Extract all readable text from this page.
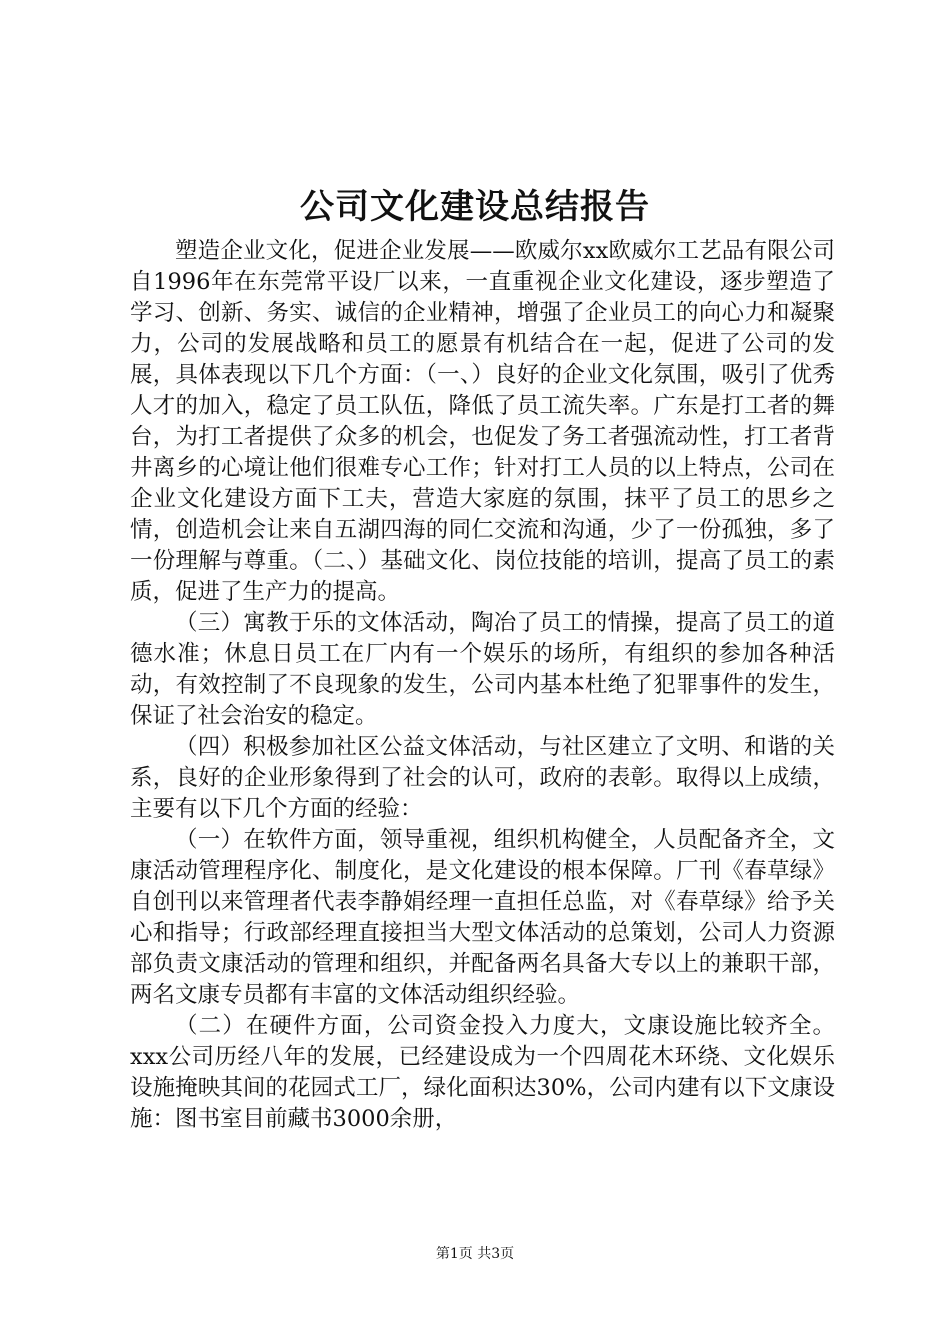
公司文化建设总结报告

塑造企业文化，促进企业发展——欧威尔xx欧威尔工艺品有限公司自1996年在东莞常平设厂以来，一直重视企业文化建设，逐步塑造了学习、创新、务实、诚信的企业精神，增强了企业员工的向心力和凝聚力，公司的发展战略和员工的愿景有机结合在一起，促进了公司的发展，具体表现以下几个方面：（一、）良好的企业文化氛围，吸引了优秀人才的加入，稳定了员工队伍，降低了员工流失率。广东是打工者的舞台，为打工者提供了众多的机会，也促发了务工者强流动性，打工者背井离乡的心境让他们很难专心工作；针对打工人员的以上特点，公司在企业文化建设方面下工夫，营造大家庭的氛围，抹平了员工的思乡之情，创造机会让来自五湖四海的同仁交流和沟通，少了一份孤独，多了一份理解与尊重。（二、）基础文化、岗位技能的培训，提高了员工的素质，促进了生产力的提高。

（三）寓教于乐的文体活动，陶冶了员工的情操，提高了员工的道德水准；休息日员工在厂内有一个娱乐的场所，有组织的参加各种活动，有效控制了不良现象的发生，公司内基本杜绝了犯罪事件的发生，保证了社会治安的稳定。

（四）积极参加社区公益文体活动，与社区建立了文明、和谐的关系，良好的企业形象得到了社会的认可，政府的表彰。取得以上成绩，主要有以下几个方面的经验：

（一）在软件方面，领导重视，组织机构健全，人员配备齐全，文康活动管理程序化、制度化，是文化建设的根本保障。厂刊《春草绿》自创刊以来管理者代表李静娟经理一直担任总监，对《春草绿》给予关心和指导；行政部经理直接担当大型文体活动的总策划，公司人力资源部负责文康活动的管理和组织，并配备两名具备大专以上的兼职干部，两名文康专员都有丰富的文体活动组织经验。

（二）在硬件方面，公司资金投入力度大，文康设施比较齐全。xxx公司历经八年的发展，已经建设成为一个四周花木环绕、文化娱乐设施掩映其间的花园式工厂，绿化面积达30%，公司内建有以下文康设施：图书室目前藏书3000余册，

第1页 共3页
